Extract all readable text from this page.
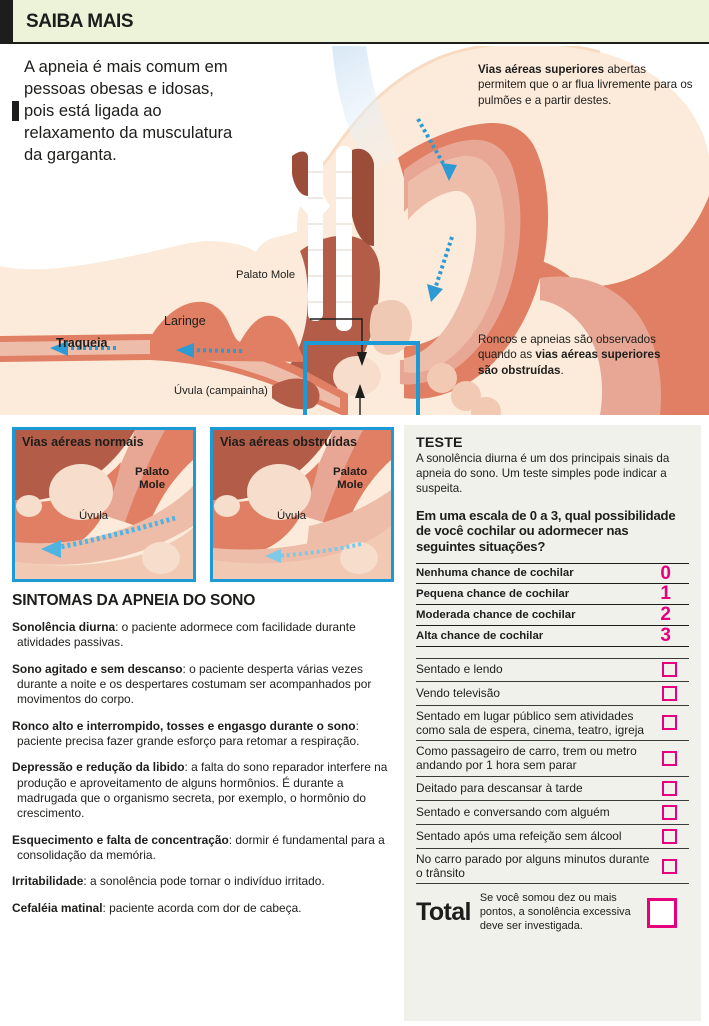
SAIBA MAIS
A apneia é mais comum em pessoas obesas e idosas, pois está ligada ao relaxamento da musculatura da garganta.
Vias aéreas superiores abertas permitem que o ar flua livremente para os pulmões e a partir destes.
Roncos e apneias são observados quando as vias aéreas superiores são obstruídas.
Palato Mole
Úvula (campainha)
Laringe
Traqueia
Vias aéreas normais
Palato
Mole
Úvula
Vias aéreas obstruídas
Palato
Mole
Úvula
SINTOMAS DA APNEIA DO SONO
Sonolência diurna: o paciente adormece com facilidade durante atividades passivas.
Sono agitado e sem descanso: o paciente desperta várias vezes durante a noite e os despertares costumam ser acompanhados por movimentos do corpo.
Ronco alto e interrompido, tosses e engasgo durante o sono: paciente precisa fazer grande esforço para retomar a respiração.
Depressão e redução da libido: a falta do sono reparador interfere na produção e aproveitamento de alguns hormônios. É durante a madrugada que o organismo secreta, por exemplo, o hormônio do crescimento.
Esquecimento e falta de concentração: dormir é fundamental para a consolidação da memória.
Irritabilidade: a sonolência pode tornar o indivíduo irritado.
Cefaléia matinal: paciente acorda com dor de cabeça.
TESTE
A sonolência diurna é um dos principais sinais da apneia do sono. Um teste simples pode indicar a suspeita.
Em uma escala de 0 a 3, qual possibilidade de você cochilar ou adormecer nas seguintes situações?
Nenhuma chance de cochilar	0
Pequena chance de cochilar	1
Moderada chance de cochilar	2
Alta chance de cochilar	3
Sentado e lendo
Vendo televisão
Sentado em lugar público sem atividades como sala de espera, cinema, teatro, igreja
Como passageiro de carro, trem ou metro andando por 1 hora sem parar
Deitado para descansar à tarde
Sentado e conversando com alguém
Sentado após uma refeição sem álcool
No carro parado por alguns minutos durante o trânsito
Total
Se você somou dez ou mais pontos, a sonolência excessiva deve ser investigada.
